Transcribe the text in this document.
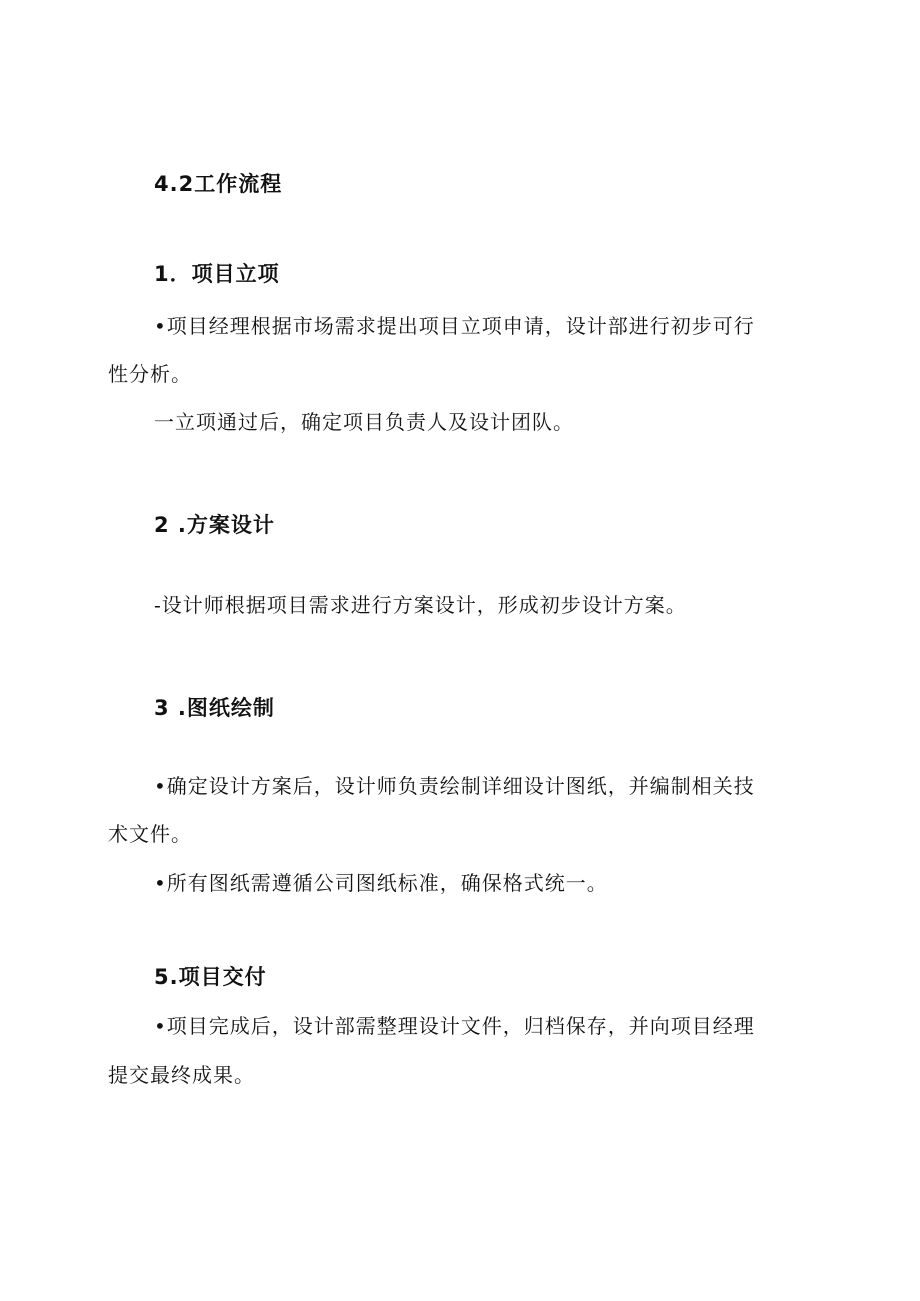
4.2工作流程
1．项目立项
•项目经理根据市场需求提出项目立项申请，设计部进行初步可行
性分析。
一立项通过后，确定项目负责人及设计团队。
2 .方案设计
-设计师根据项目需求进行方案设计，形成初步设计方案。
3 .图纸绘制
•确定设计方案后，设计师负责绘制详细设计图纸，并编制相关技
术文件。
•所有图纸需遵循公司图纸标准，确保格式统一。
5.项目交付
•项目完成后，设计部需整理设计文件，归档保存，并向项目经理
提交最终成果。
